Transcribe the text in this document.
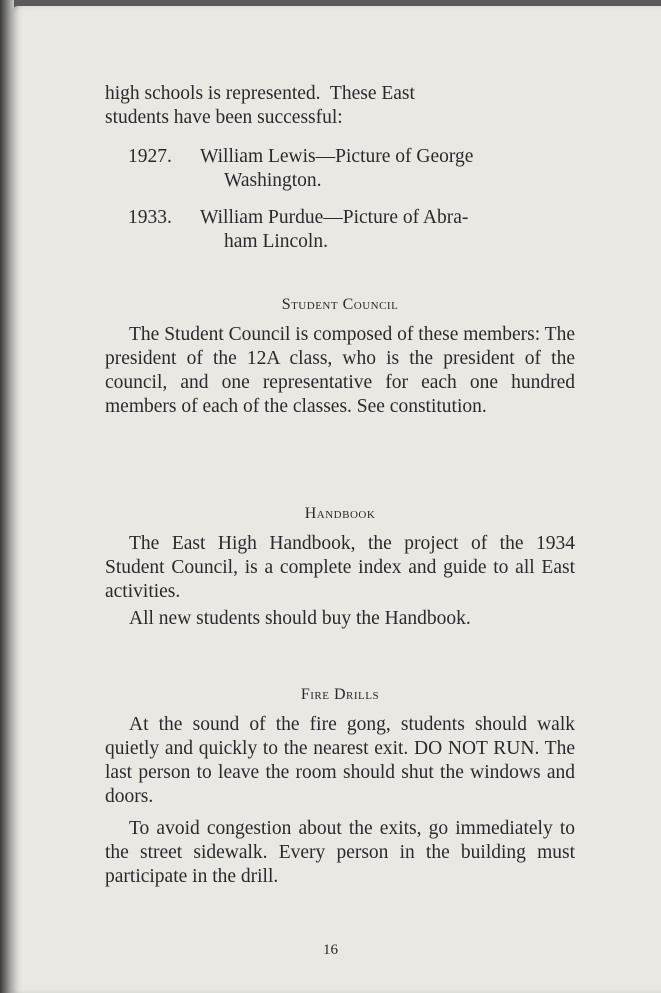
high schools is represented.  These East
students have been successful:
1927. William Lewis—Picture of George
Washington.
1933. William Purdue—Picture of Abra-
ham Lincoln.
Student Council

The Student Council is composed of these members: The president of the 12A class, who is the president of the council, and one representative for each one hundred members of each of the classes. See constitution.

Handbook

The East High Handbook, the project of the 1934 Student Council, is a complete index and guide to all East activities.

All new students should buy the Handbook.

Fire Drills

At the sound of the fire gong, students should walk quietly and quickly to the nearest exit. DO NOT RUN. The last person to leave the room should shut the windows and doors.

To avoid congestion about the exits, go immediately to the street sidewalk. Every person in the building must participate in the drill.

16
